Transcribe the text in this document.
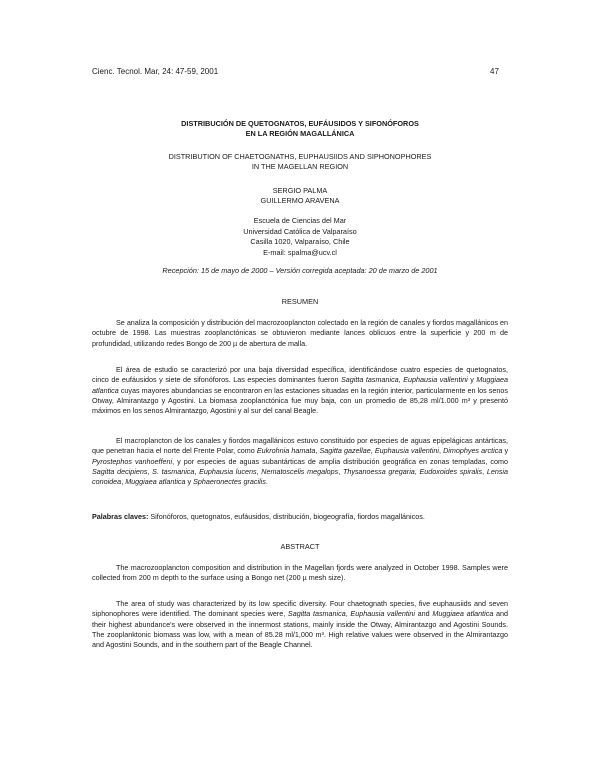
Cienc. Tecnol. Mar, 24: 47-59, 2001	47
DISTRIBUCIÓN DE QUETOGNATOS, EUFÁUSIDOS Y SIFONÓFOROS
EN LA REGIÓN MAGALLÁNICA
DISTRIBUTION OF CHAETOGNATHS, EUPHAUSIIDS AND SIPHONOPHORES
IN THE MAGELLAN REGION
SERGIO PALMA
GUILLERMO ARAVENA
Escuela de Ciencias del Mar
Universidad Católica de Valparaíso
Casilla 1020, Valparaíso, Chile
E-mail: spalma@ucv.cl
Recepción: 15 de mayo de 2000 – Versión corregida aceptada: 20 de marzo de 2001
RESUMEN

Se analiza la composición y distribución del macrozooplancton colectado en la región de canales y fiordos magallánicos en octubre de 1998. Las muestras zooplanctónicas se obtuvieron mediante lances oblicuos entre la superficie y 200 m de profundidad, utilizando redes Bongo de 200 µ de abertura de malla.

El área de estudio se caracterizó por una baja diversidad específica, identificándose cuatro especies de quetognatos, cinco de eufáusidos y siete de sifonóforos. Las especies dominantes fueron Sagitta tasmanica, Euphausia vallentini y Muggiaea atlantica cuyas mayores abundancias se encontraron en las estaciones situadas en la región interior, particularmente en los senos Otway, Almirantazgo y Agostini. La biomasa zooplanctónica fue muy baja, con un promedio de 85,28 ml/1.000 m³ y presentó máximos en los senos Almirantazgo, Agostini y al sur del canal Beagle.

El macroplancton de los canales y fiordos magallánicos estuvo constituido por especies de aguas epipelágicas antárticas, que penetran hacia el norte del Frente Polar, como Eukrohnia hamata, Sagitta gazellae, Euphausia vallentini, Dimophyes arctica y Pyrostephos vanhoeffeni, y por especies de aguas subantárticas de amplia distribución geográfica en zonas templadas, como Sagitta decipiens, S. tasmanica, Euphausia lucens, Nematoscelis megalops, Thysanoessa gregaria, Eudoxoides spiralis, Lensia conoidea, Muggiaea atlantica y Sphaeronectes gracilis.

Palabras claves: Sifonóforos, quetognatos, eufáusidos, distribución, biogeografía, fiordos magallánicos.

ABSTRACT

The macrozooplancton composition and distribution in the Magellan fjords were analyzed in October 1998. Samples were collected from 200 m depth to the surface using a Bongo net (200 µ mesh size).

The area of study was characterized by its low specific diversity. Four chaetognath species, five euphausiids and seven siphonophores were identified. The dominant species were, Sagitta tasmanica, Euphausia vallentini and Muggiaea atlantica and their highest abundance's were observed in the innermost stations, mainly inside the Otway, Almirantazgo and Agostini Sounds. The zooplanktonic biomass was low, with a mean of 85.28 ml/1,000 m³. High relative values were observed in the Almirantazgo and Agostini Sounds, and in the southern part of the Beagle Channel.
